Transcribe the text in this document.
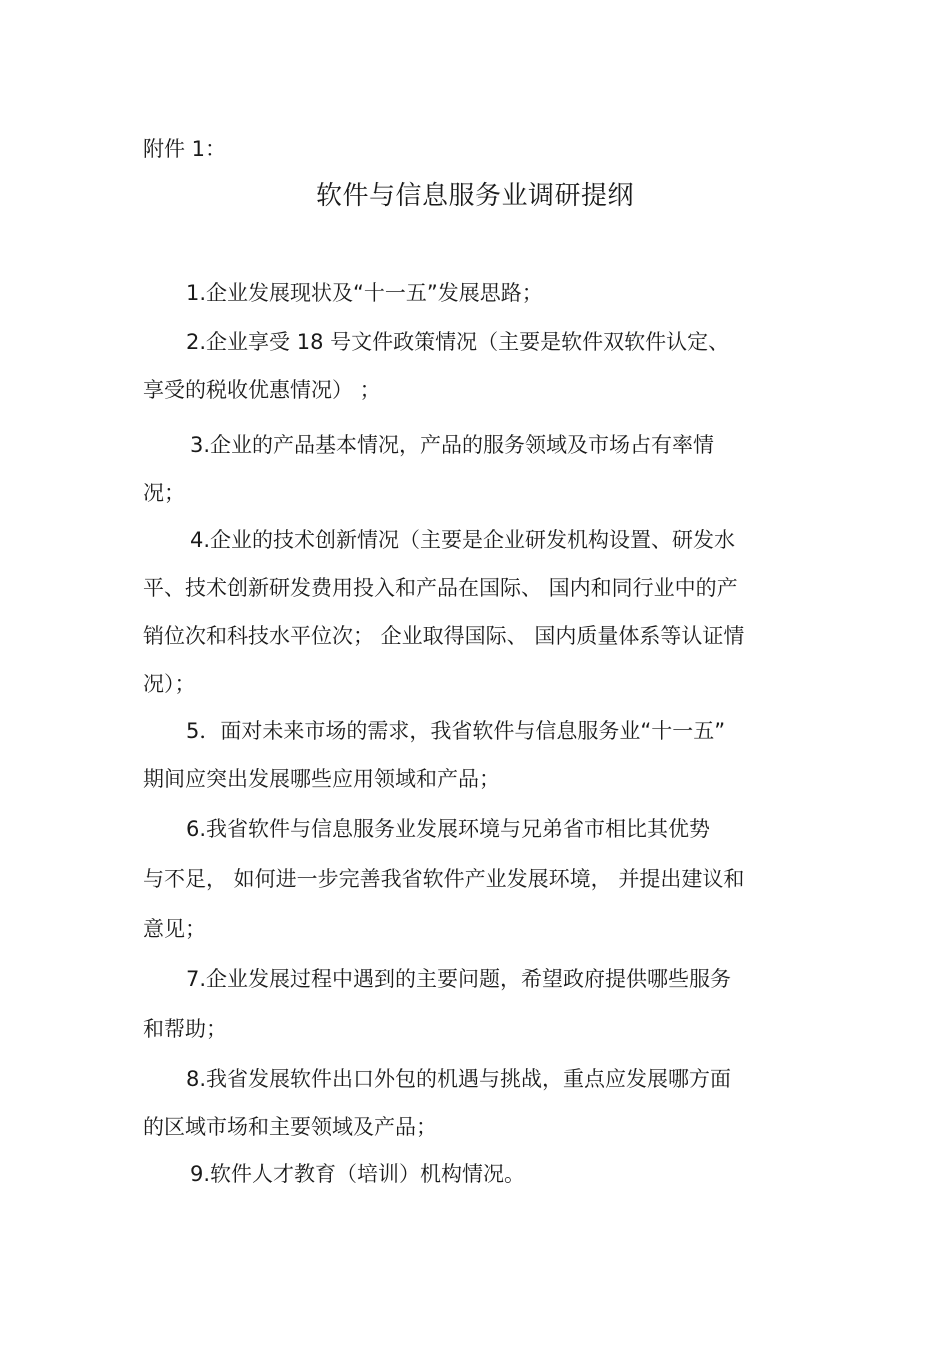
附件 1：
软件与信息服务业调研提纲
1.企业发展现状及“十一五”发展思路；
2.企业享受 18 号文件政策情况（主要是软件双软件认定、
享受的税收优惠情况） ；
3.企业的产品基本情况，产品的服务领域及市场占有率情
况；
4.企业的技术创新情况（主要是企业研发机构设置、研发水
平、技术创新研发费用投入和产品在国际、 国内和同行业中的产
销位次和科技水平位次； 企业取得国际、 国内质量体系等认证情
况）；
5．面对未来市场的需求，我省软件与信息服务业“十一五”
期间应突出发展哪些应用领域和产品；
6.我省软件与信息服务业发展环境与兄弟省市相比其优势
与不足， 如何进一步完善我省软件产业发展环境， 并提出建议和
意见；
7.企业发展过程中遇到的主要问题，希望政府提供哪些服务
和帮助；
8.我省发展软件出口外包的机遇与挑战，重点应发展哪方面
的区域市场和主要领域及产品；
9.软件人才教育（培训）机构情况。
